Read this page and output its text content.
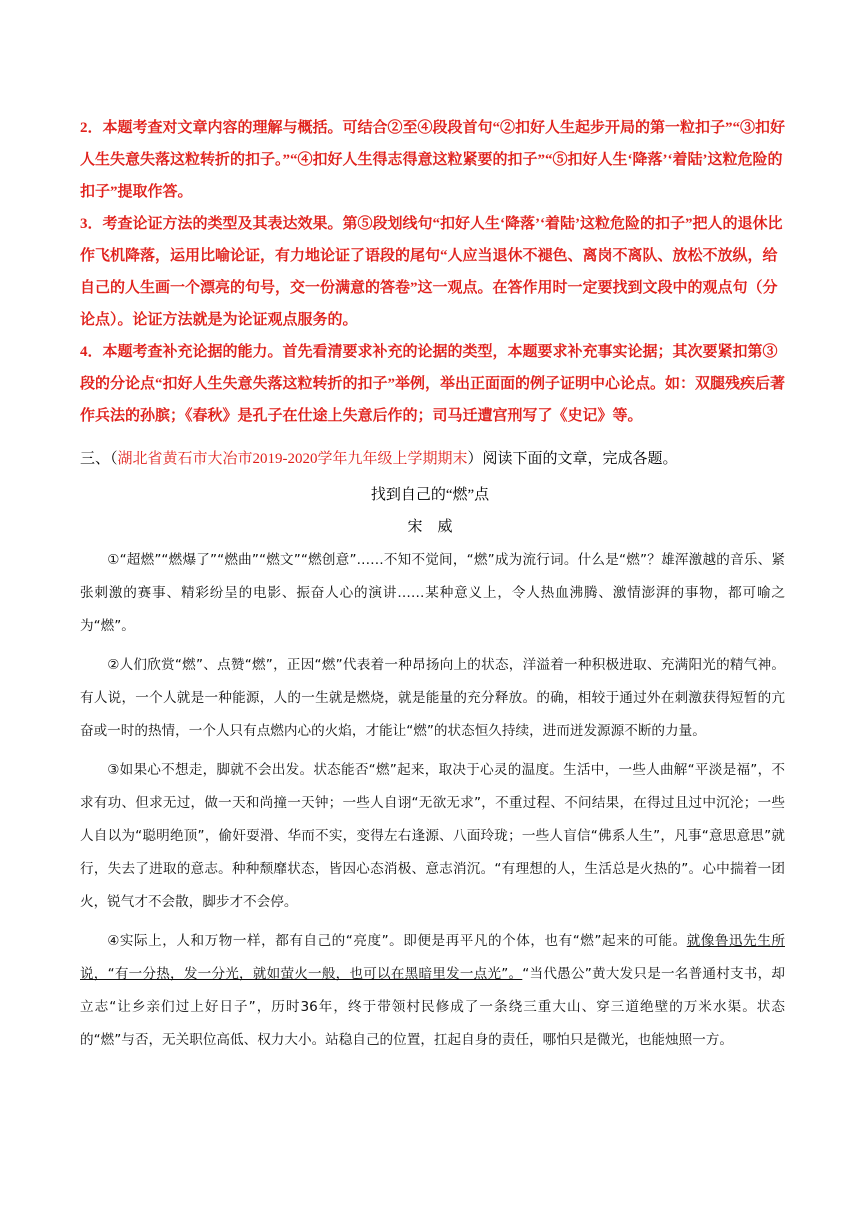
2．本题考查对文章内容的理解与概括。可结合②至④段段首句“②扣好人生起步开局的第一粒扣子”“③扣好人生失意失落这粒转折的扣子。”“④扣好人生得志得意这粒紧要的扣子”“⑤扣好人生‘降落’‘着陆’这粒危险的扣子”提取作答。

3．考查论证方法的类型及其表达效果。第⑤段划线句“扣好人生‘降落’‘着陆’这粒危险的扣子”把人的退休比作飞机降落，运用比喻论证，有力地论证了语段的尾句“人应当退休不褪色、离岗不离队、放松不放纵，给自己的人生画一个漂亮的句号，交一份满意的答卷”这一观点。在答作用时一定要找到文段中的观点句（分论点）。论证方法就是为论证观点服务的。

4．本题考查补充论据的能力。首先看清要求补充的论据的类型，本题要求补充事实论据；其次要紧扣第③段的分论点“扣好人生失意失落这粒转折的扣子”举例，举出正面面的例子证明中心论点。如：双腿残疾后著作兵法的孙膑；《春秋》是孔子在仕途上失意后作的；司马迁遭宫刑写了《史记》等。

三、（湖北省黄石市大冶市2019-2020学年九年级上学期期末）阅读下面的文章，完成各题。
找到自己的“燃”点
宋　威

①“超燃”“燃爆了”“燃曲”“燃文”“燃创意”……不知不觉间，“燃”成为流行词。什么是“燃”？雄浑激越的音乐、紧张刺激的赛事、精彩纷呈的电影、振奋人心的演讲……某种意义上，令人热血沸腾、激情澎湃的事物，都可喻之为“燃”。

②人们欣赏“燃”、点赞“燃”，正因“燃”代表着一种昂扬向上的状态，洋溢着一种积极进取、充满阳光的精气神。有人说，一个人就是一种能源，人的一生就是燃烧，就是能量的充分释放。的确，相较于通过外在刺激获得短暂的亢奋或一时的热情，一个人只有点燃内心的火焰，才能让“燃”的状态恒久持续，进而迸发源源不断的力量。

③如果心不想走，脚就不会出发。状态能否“燃”起来，取决于心灵的温度。生活中，一些人曲解“平淡是福”，不求有功、但求无过，做一天和尚撞一天钟；一些人自诩“无欲无求”，不重过程、不问结果，在得过且过中沉沦；一些人自以为“聪明绝顶”，偷奸耍滑、华而不实，变得左右逢源、八面玲珑；一些人盲信“佛系人生”，凡事“意思意思”就行，失去了进取的意志。种种颓靡状态，皆因心态消极、意志消沉。“有理想的人，生活总是火热的”。心中揣着一团火，锐气才不会散，脚步才不会停。

④实际上，人和万物一样，都有自己的“亮度”。即便是再平凡的个体，也有“燃”起来的可能。就像鲁迅先生所说，“有一分热，发一分光，就如萤火一般，也可以在黑暗里发一点光”。“当代愚公”黄大发只是一名普通村支书，却立志“让乡亲们过上好日子”，历时36年，终于带领村民修成了一条绕三重大山、穿三道绝壁的万米水渠。状态的“燃”与否，无关职位高低、权力大小。站稳自己的位置，扛起自身的责任，哪怕只是微光，也能烛照一方。
